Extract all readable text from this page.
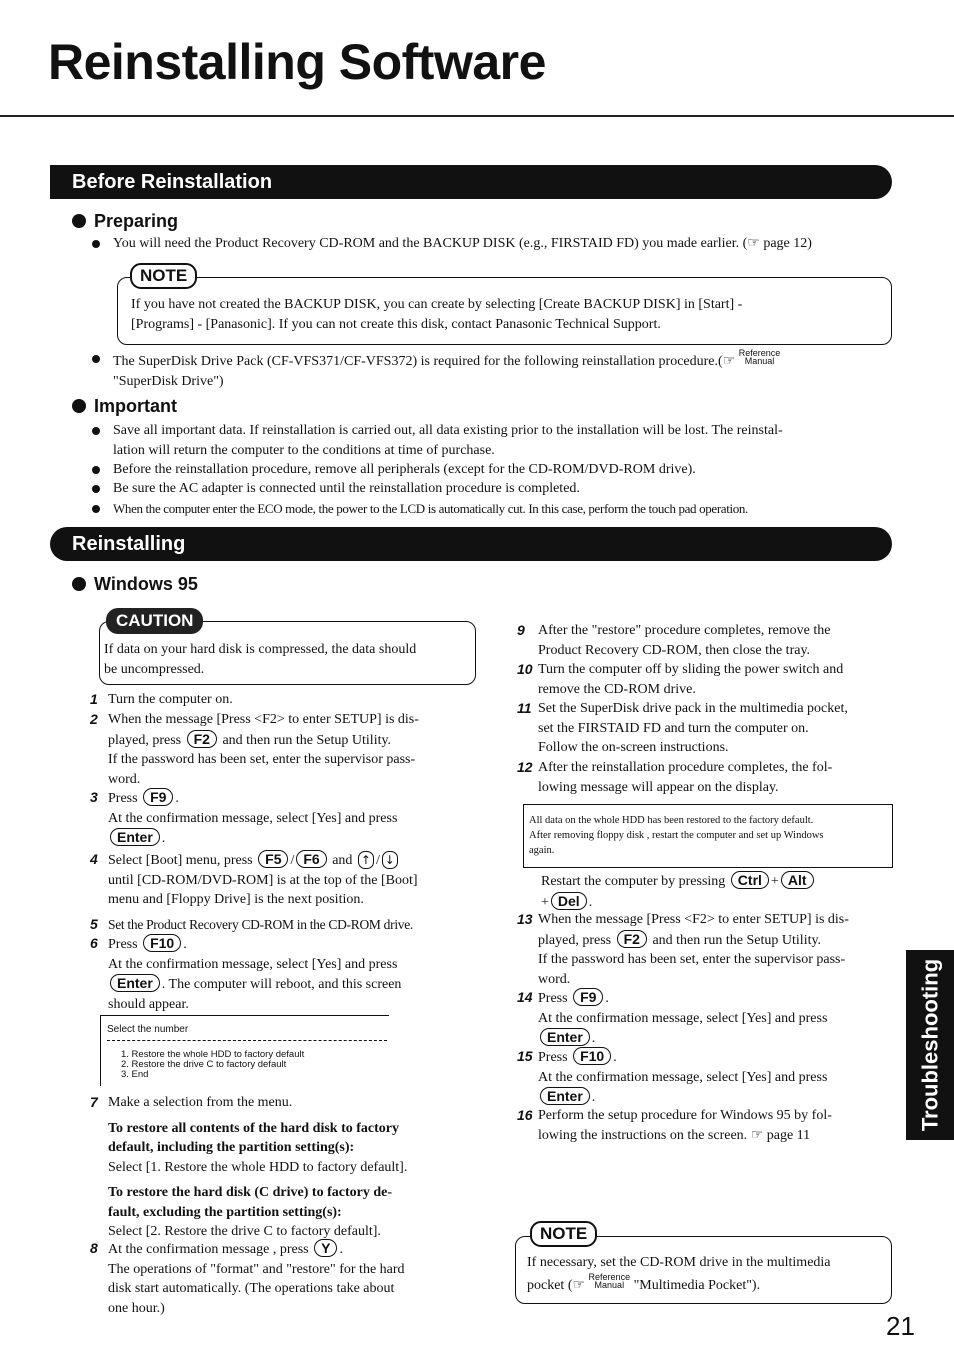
Reinstalling Software
Before Reinstallation
Preparing
You will need the Product Recovery CD-ROM and the BACKUP DISK (e.g., FIRSTAID FD) you made earlier. (☞ page 12)
If you have not created the BACKUP DISK, you can create by selecting [Create BACKUP DISK] in [Start] -
[Programs] - [Panasonic]. If you can not create this disk, contact Panasonic Technical Support.
NOTE
The SuperDisk Drive Pack (CF-VFS371/CF-VFS372) is required for the following reinstallation procedure.(☞ Reference
Manual
"SuperDisk Drive")
Important
Save all important data. If reinstallation is carried out, all data existing prior to the installation will be lost. The reinstal-
lation will return the computer to the conditions at time of purchase.
Before the reinstallation procedure, remove all peripherals (except for the CD-ROM/DVD-ROM drive).
Be sure the AC adapter is connected until the reinstallation procedure is completed.
When the computer enter the ECO mode, the power to the LCD is automatically cut. In this case, perform the touch pad operation.
Reinstalling
Windows 95
If data on your hard disk is compressed, the data should
be uncompressed.
CAUTION
1 Turn the computer on.
2 When the message [Press <F2> to enter SETUP] is dis-
played, press F2 and then run the Setup Utility.
If the password has been set, enter the supervisor pass-
word.
3 Press F9 .
At the confirmation message, select [Yes] and press
Enter .
4 Select [Boot] menu, press F5 / F6 and ↑ / ↓
until [CD-ROM/DVD-ROM] is at the top of the [Boot]
menu and [Floppy Drive] is the next position.
5 Set the Product Recovery CD-ROM in the CD-ROM drive.
6 Press F10 .
At the confirmation message, select [Yes] and press
Enter . The computer will reboot, and this screen
should appear.
Select the number
1. Restore the whole HDD to factory default
2. Restore the drive C to factory default
3. End
7 Make a selection from the menu.

To restore all contents of the hard disk to factory
default, including the partition setting(s):
Select [1. Restore the whole HDD to factory default].

To restore the hard disk (C drive) to factory de-
fault, excluding the partition setting(s):
Select [2. Restore the drive C to factory default].
8 At the confirmation message , press Y .
The operations of "format" and "restore" for the hard
disk start automatically. (The operations take about
one hour.)
9 After the "restore" procedure completes, remove the
Product Recovery CD-ROM, then close the tray.
10 Turn the computer off by sliding the power switch and
remove the CD-ROM drive.
11 Set the SuperDisk drive pack in the multimedia pocket,
set the FIRSTAID FD and turn the computer on.
Follow the on-screen instructions.
12 After the reinstallation procedure completes, the fol-
lowing message will appear on the display.
All data on the whole HDD has been restored to the factory default.
After removing floppy disk , restart the computer and set up Windows
again.
Restart the computer by pressing Ctrl + Alt
+ Del .
13 When the message [Press <F2> to enter SETUP] is dis-
played, press F2 and then run the Setup Utility.
If the password has been set, enter the supervisor pass-
word.
14 Press F9 .
At the confirmation message, select [Yes] and press
Enter .
15 Press F10 .
At the confirmation message, select [Yes] and press
Enter .
16 Perform the setup procedure for Windows 95 by fol-
lowing the instructions on the screen. ☞ page 11
If necessary, set the CD-ROM drive in the multimedia
pocket (☞ Reference
Manual "Multimedia Pocket").
NOTE
Troubleshooting
21
